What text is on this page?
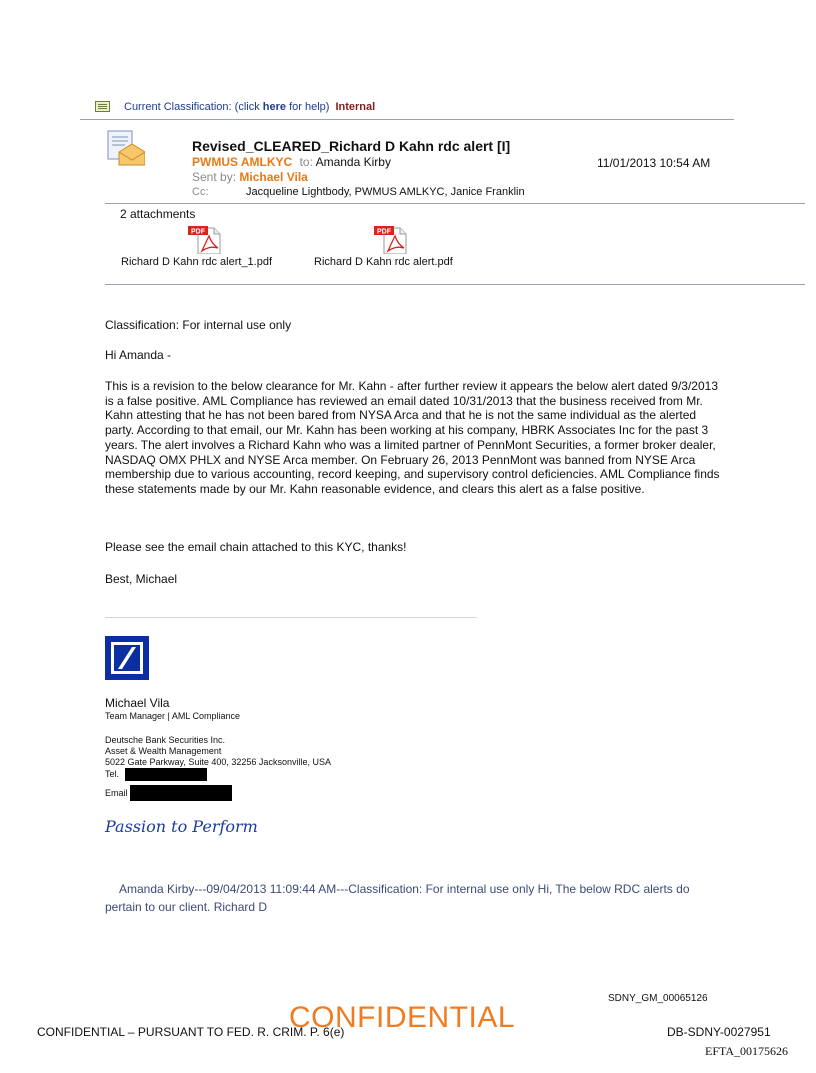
Current Classification: (click here for help) Internal
Revised_CLEARED_Richard D Kahn rdc alert [I]
PWMUS AMLKYC to: Amanda Kirby	11/01/2013 10:54 AM
Sent by: Michael Vila
Cc:	Jacqueline Lightbody, PWMUS AMLKYC, Janice Franklin
2 attachments
PDF
Richard D Kahn rdc alert_1.pdf
PDF
Richard D Kahn rdc alert.pdf
Classification: For internal use only
Hi Amanda -
This is a revision to the below clearance for Mr. Kahn - after further review it appears the below alert dated 9/3/2013 is a false positive. AML Compliance has reviewed an email dated 10/31/2013 that the business received from Mr. Kahn attesting that he has not been bared from NYSA Arca and that he is not the same individual as the alerted party. According to that email, our Mr. Kahn has been working at his company, HBRK Associates Inc for the past 3 years. The alert involves a Richard Kahn who was a limited partner of PennMont Securities, a former broker dealer, NASDAQ OMX PHLX and NYSE Arca member. On February 26, 2013 PennMont was banned from NYSE Arca membership due to various accounting, record keeping, and supervisory control deficiencies. AML Compliance finds these statements made by our Mr. Kahn reasonable evidence, and clears this alert as a false positive.
Please see the email chain attached to this KYC, thanks!
Best, Michael
Michael Vila
Team Manager | AML Compliance
Deutsche Bank Securities Inc.
Asset & Wealth Management
5022 Gate Parkway, Suite 400, 32256 Jacksonville, USA
Tel.
Email
Passion to Perform
Amanda Kirby---09/04/2013 11:09:44 AM---Classification: For internal use only Hi, The below RDC alerts do pertain to our client. Richard D
SDNY_GM_00065126
CONFIDENTIAL – PURSUANT TO FED. R. CRIM. P. 6(e)
CONFIDENTIAL	DB-SDNY-0027951
EFTA_00175626
